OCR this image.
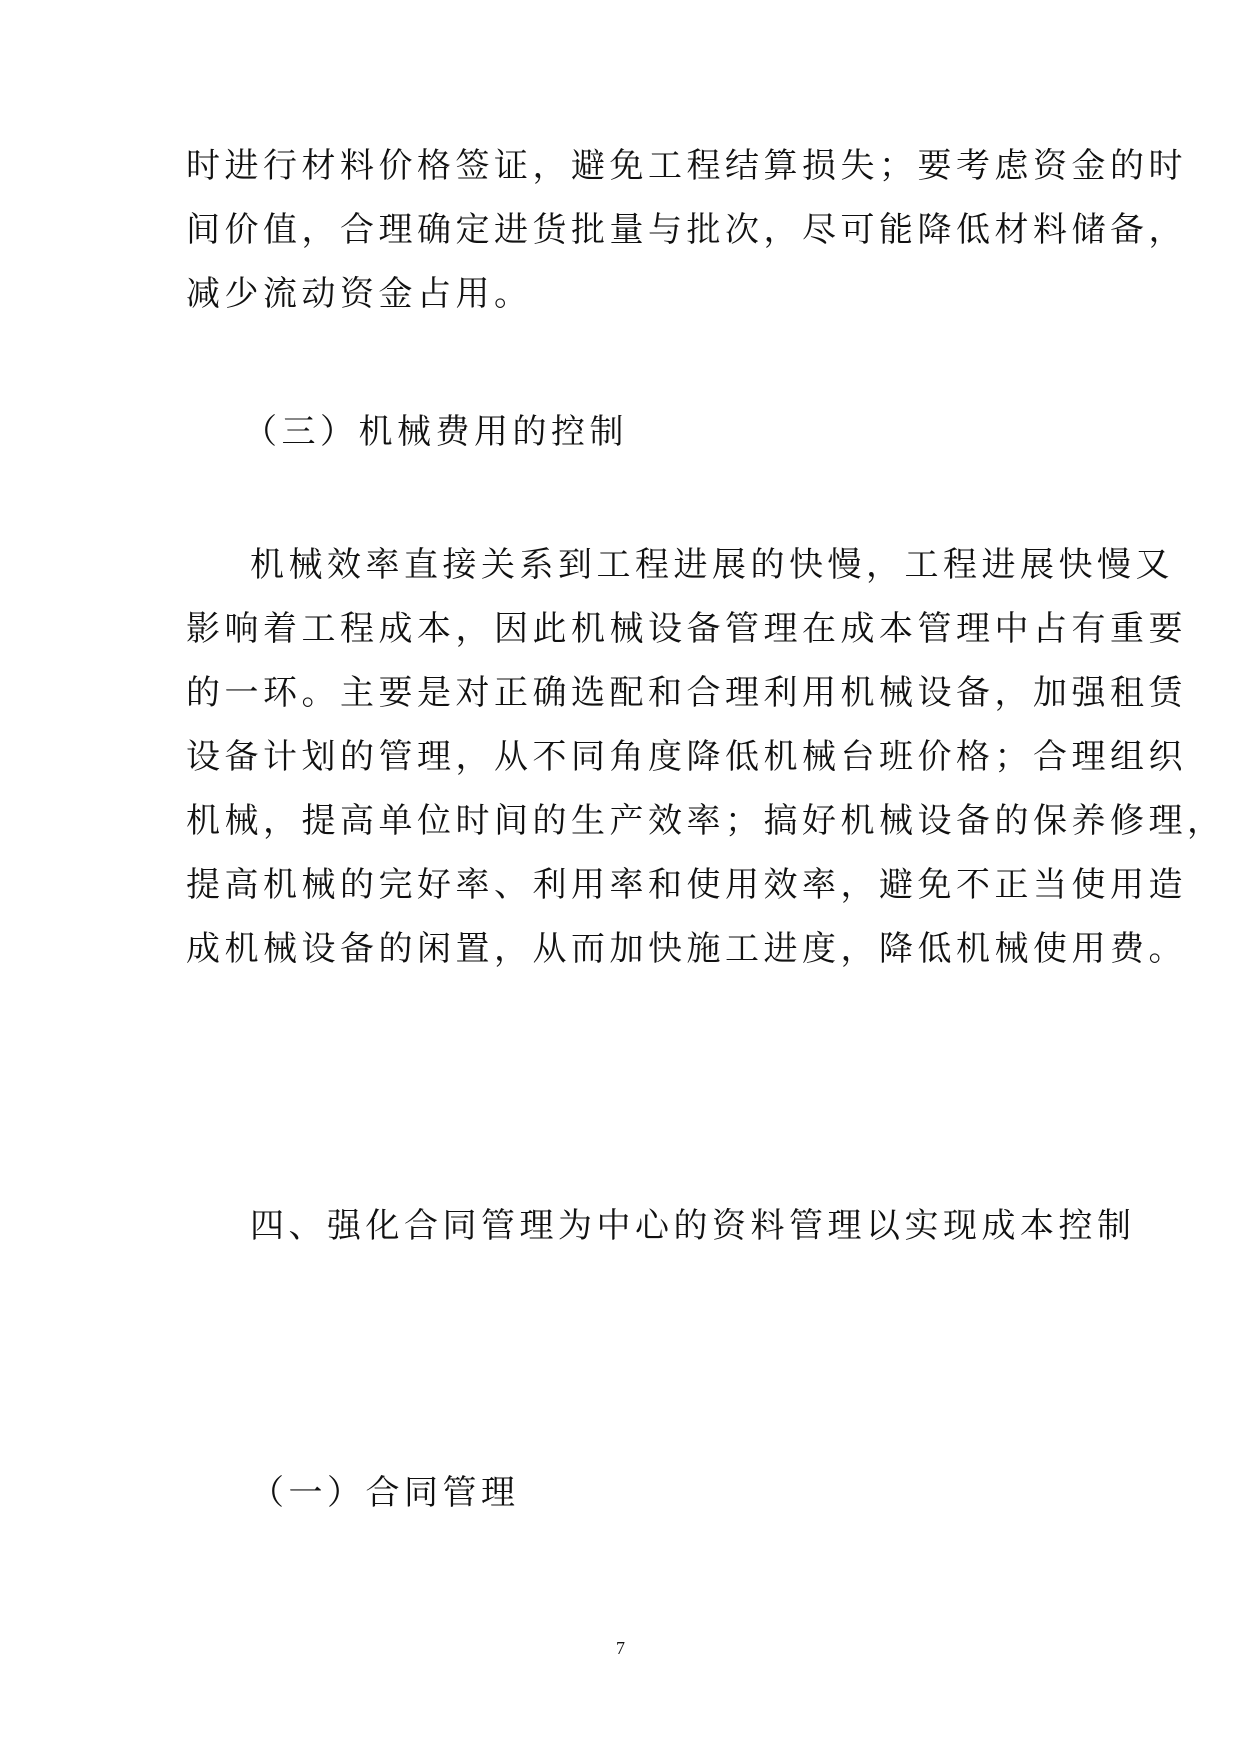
时进行材料价格签证，避免工程结算损失；要考虑资金的时
间价值，合理确定进货批量与批次，尽可能降低材料储备，
减少流动资金占用。
（三）机械费用的控制
机械效率直接关系到工程进展的快慢，工程进展快慢又
影响着工程成本，因此机械设备管理在成本管理中占有重要
的一环。主要是对正确选配和合理利用机械设备，加强租赁
设备计划的管理，从不同角度降低机械台班价格；合理组织
机械，提高单位时间的生产效率；搞好机械设备的保养修理，
提高机械的完好率、利用率和使用效率，避免不正当使用造
成机械设备的闲置，从而加快施工进度，降低机械使用费。
四、强化合同管理为中心的资料管理以实现成本控制
（一）合同管理
7
